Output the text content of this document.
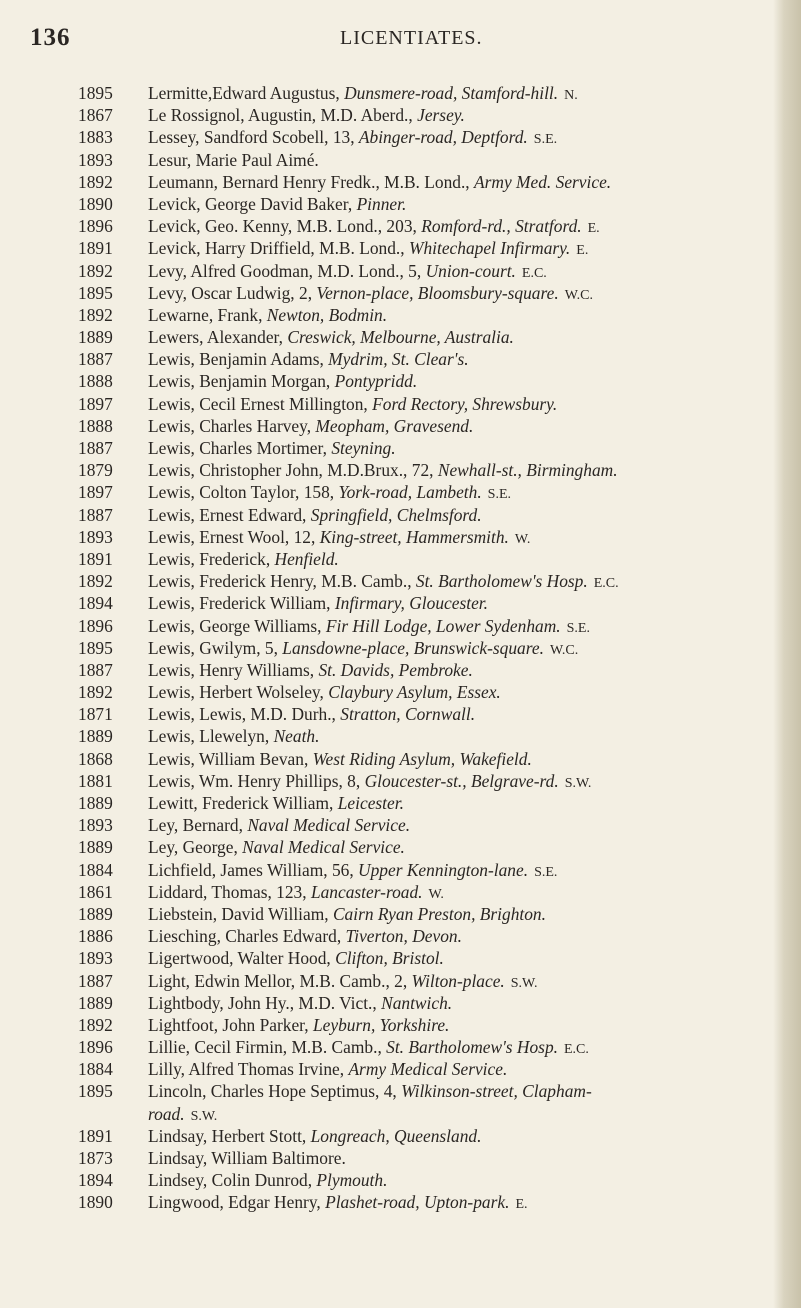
136	LICENTIATES.
1895	Lermitte,Edward Augustus, Dunsmere-road, Stamford-hill. N.
1867	Le Rossignol, Augustin, M.D. Aberd., Jersey.
1883	Lessey, Sandford Scobell, 13, Abinger-road, Deptford. S.E.
1893	Lesur, Marie Paul Aimé.
1892	Leumann, Bernard Henry Fredk., M.B. Lond., Army Med. Service.
1890	Levick, George David Baker, Pinner.
1896	Levick, Geo. Kenny, M.B. Lond., 203, Romford-rd., Stratford. E.
1891	Levick, Harry Driffield, M.B. Lond., Whitechapel Infirmary. E.
1892	Levy, Alfred Goodman, M.D. Lond., 5, Union-court. E.C.
1895	Levy, Oscar Ludwig, 2, Vernon-place, Bloomsbury-square. W.C.
1892	Lewarne, Frank, Newton, Bodmin.
1889	Lewers, Alexander, Creswick, Melbourne, Australia.
1887	Lewis, Benjamin Adams, Mydrim, St. Clear's.
1888	Lewis, Benjamin Morgan, Pontypridd.
1897	Lewis, Cecil Ernest Millington, Ford Rectory, Shrewsbury.
1888	Lewis, Charles Harvey, Meopham, Gravesend.
1887	Lewis, Charles Mortimer, Steyning.
1879	Lewis, Christopher John, M.D.Brux., 72, Newhall-st., Birmingham.
1897	Lewis, Colton Taylor, 158, York-road, Lambeth. S.E.
1887	Lewis, Ernest Edward, Springfield, Chelmsford.
1893	Lewis, Ernest Wool, 12, King-street, Hammersmith. W.
1891	Lewis, Frederick, Henfield.
1892	Lewis, Frederick Henry, M.B. Camb., St. Bartholomew's Hosp. E.C.
1894	Lewis, Frederick William, Infirmary, Gloucester.
1896	Lewis, George Williams, Fir Hill Lodge, Lower Sydenham. S.E.
1895	Lewis, Gwilym, 5, Lansdowne-place, Brunswick-square. W.C.
1887	Lewis, Henry Williams, St. Davids, Pembroke.
1892	Lewis, Herbert Wolseley, Claybury Asylum, Essex.
1871	Lewis, Lewis, M.D. Durh., Stratton, Cornwall.
1889	Lewis, Llewelyn, Neath.
1868	Lewis, William Bevan, West Riding Asylum, Wakefield.
1881	Lewis, Wm. Henry Phillips, 8, Gloucester-st., Belgrave-rd. S.W.
1889	Lewitt, Frederick William, Leicester.
1893	Ley, Bernard, Naval Medical Service.
1889	Ley, George, Naval Medical Service.
1884	Lichfield, James William, 56, Upper Kennington-lane. S.E.
1861	Liddard, Thomas, 123, Lancaster-road. W.
1889	Liebstein, David William, Cairn Ryan Preston, Brighton.
1886	Liesching, Charles Edward, Tiverton, Devon.
1893	Ligertwood, Walter Hood, Clifton, Bristol.
1887	Light, Edwin Mellor, M.B. Camb., 2, Wilton-place. S.W.
1889	Lightbody, John Hy., M.D. Vict., Nantwich.
1892	Lightfoot, John Parker, Leyburn, Yorkshire.
1896	Lillie, Cecil Firmin, M.B. Camb., St. Bartholomew's Hosp. E.C.
1884	Lilly, Alfred Thomas Irvine, Army Medical Service.
1895	Lincoln, Charles Hope Septimus, 4, Wilkinson-street, Clapham-
road. S.W.
1891	Lindsay, Herbert Stott, Longreach, Queensland.
1873	Lindsay, William Baltimore.
1894	Lindsey, Colin Dunrod, Plymouth.
1890	Lingwood, Edgar Henry, Plashet-road, Upton-park. E.
